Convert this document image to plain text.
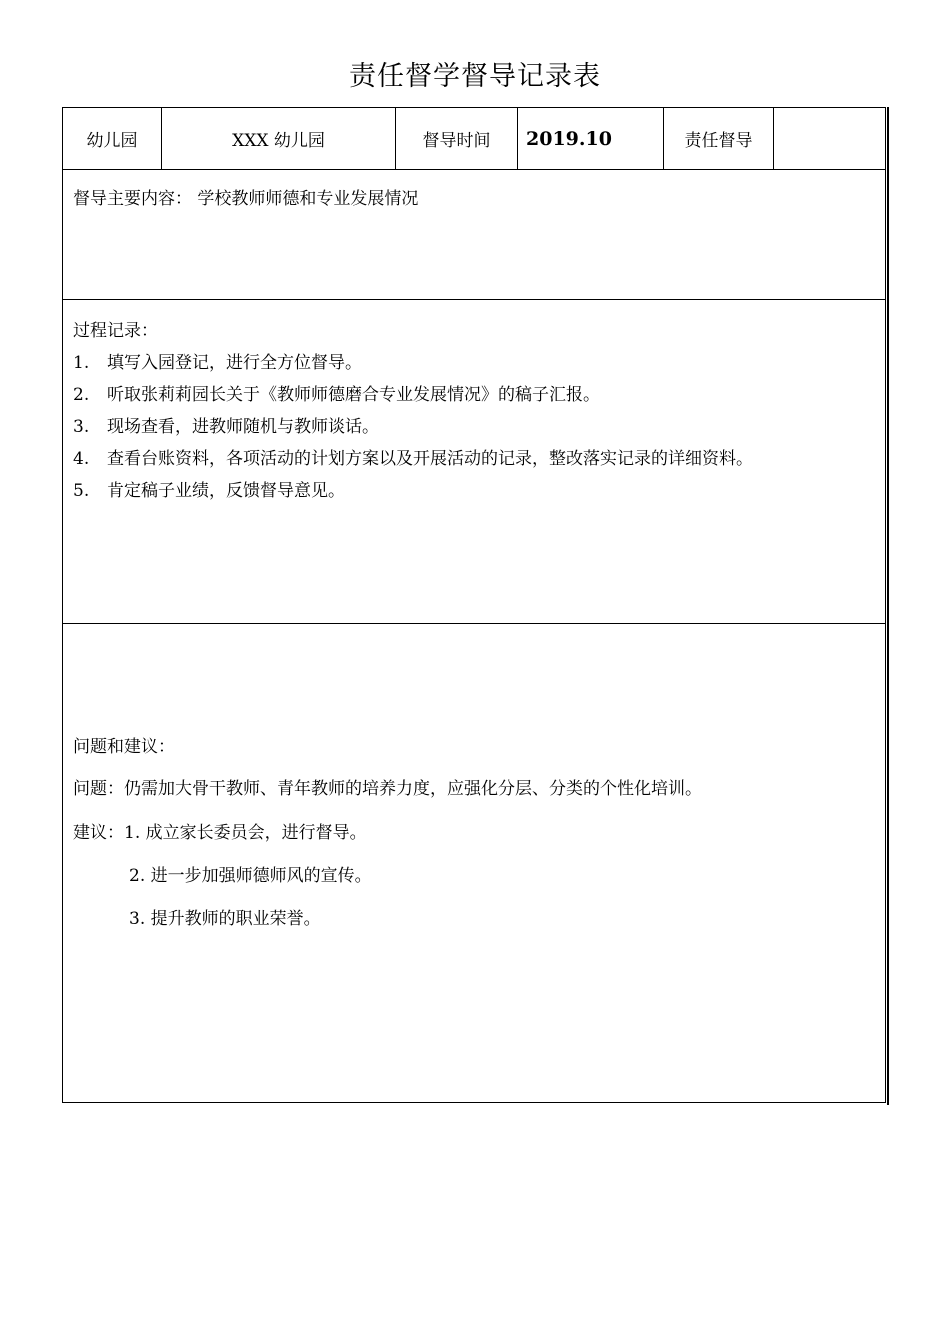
责任督学督导记录表
幼儿园	XXX 幼儿园	督导时间	2019.10	责任督导
督导主要内容： 学校教师师德和专业发展情况
过程记录：
1. 填写入园登记，进行全方位督导。
2. 听取张莉莉园长关于《教师师德磨合专业发展情况》的稿子汇报。
3. 现场查看，进教师随机与教师谈话。
4. 查看台账资料，各项活动的计划方案以及开展活动的记录，整改落实记录的详细资料。
5. 肯定稿子业绩，反馈督导意见。
问题和建议：
问题：仍需加大骨干教师、青年教师的培养力度，应强化分层、分类的个性化培训。
建议：1. 成立家长委员会，进行督导。
2. 进一步加强师德师风的宣传。
3. 提升教师的职业荣誉。
